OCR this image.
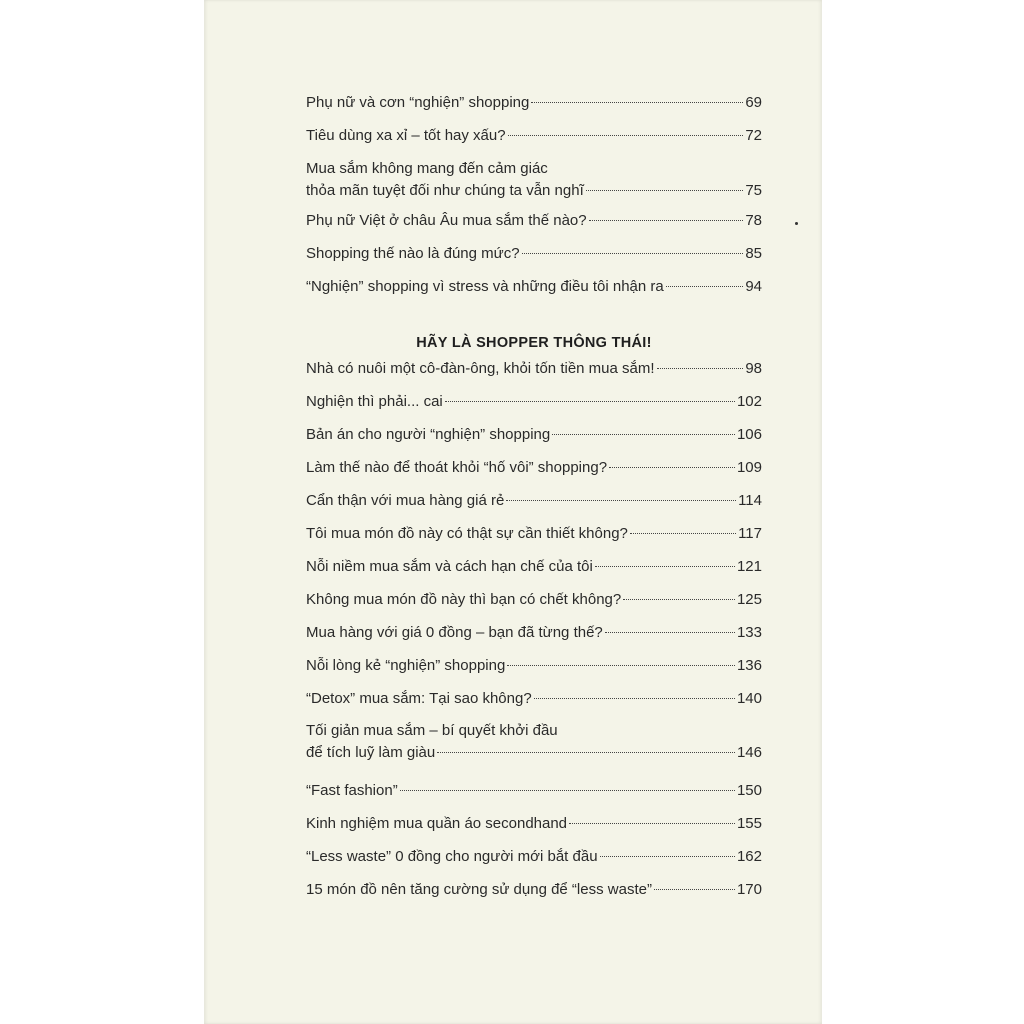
Phụ nữ và cơn “nghiện” shopping	69
Tiêu dùng xa xỉ – tốt hay xấu?	72
Mua sắm không mang đến cảm giác
thỏa mãn tuyệt đối như chúng ta vẫn nghĩ	75
Phụ nữ Việt ở châu Âu mua sắm thế nào?	78
Shopping thế nào là đúng mức?	85
“Nghiện” shopping vì stress và những điều tôi nhận ra	94
HÃY LÀ SHOPPER THÔNG THÁI!
Nhà có nuôi một cô-đàn-ông, khỏi tốn tiền mua sắm!	98
Nghiện thì phải... cai	102
Bản án cho người “nghiện” shopping	106
Làm thế nào để thoát khỏi “hố vôi” shopping?	109
Cẩn thận với mua hàng giá rẻ	114
Tôi mua món đồ này có thật sự cần thiết không?	117
Nỗi niềm mua sắm và cách hạn chế của tôi	121
Không mua món đồ này thì bạn có chết không?	125
Mua hàng với giá 0 đồng – bạn đã từng thế?	133
Nỗi lòng kẻ “nghiện” shopping	136
“Detox” mua sắm: Tại sao không?	140
Tối giản mua sắm – bí quyết khởi đầu
để tích luỹ làm giàu	146
“Fast fashion”	150
Kinh nghiệm mua quần áo secondhand	155
“Less waste” 0 đồng cho người mới bắt đầu	162
15 món đồ nên tăng cường sử dụng để “less waste”	170
